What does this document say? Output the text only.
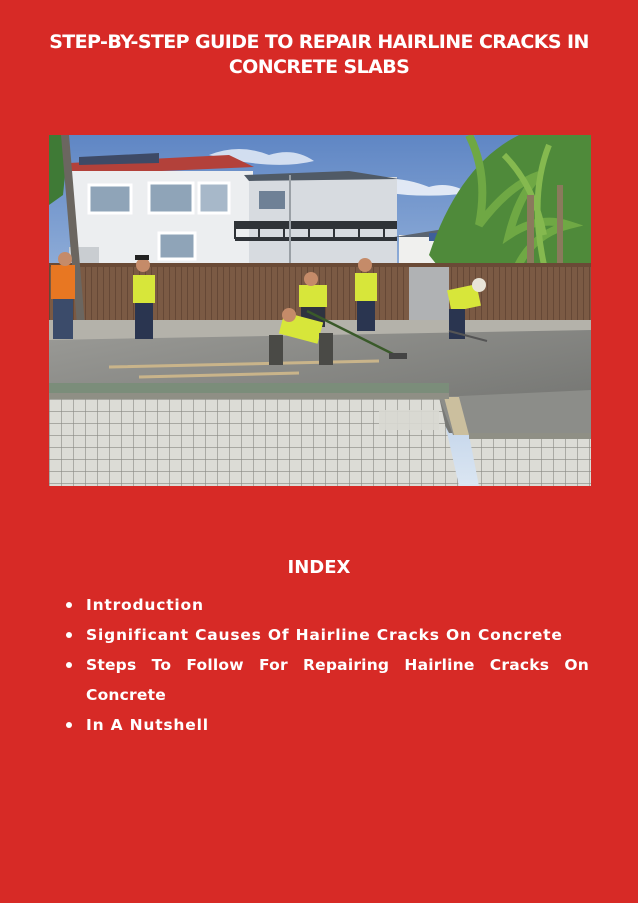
STEP-BY-STEP GUIDE TO REPAIR HAIRLINE CRACKS IN CONCRETE SLABS
INDEX
Introduction
Significant Causes Of Hairline Cracks On Concrete
Steps To Follow For Repairing Hairline Cracks On Concrete
In A Nutshell
